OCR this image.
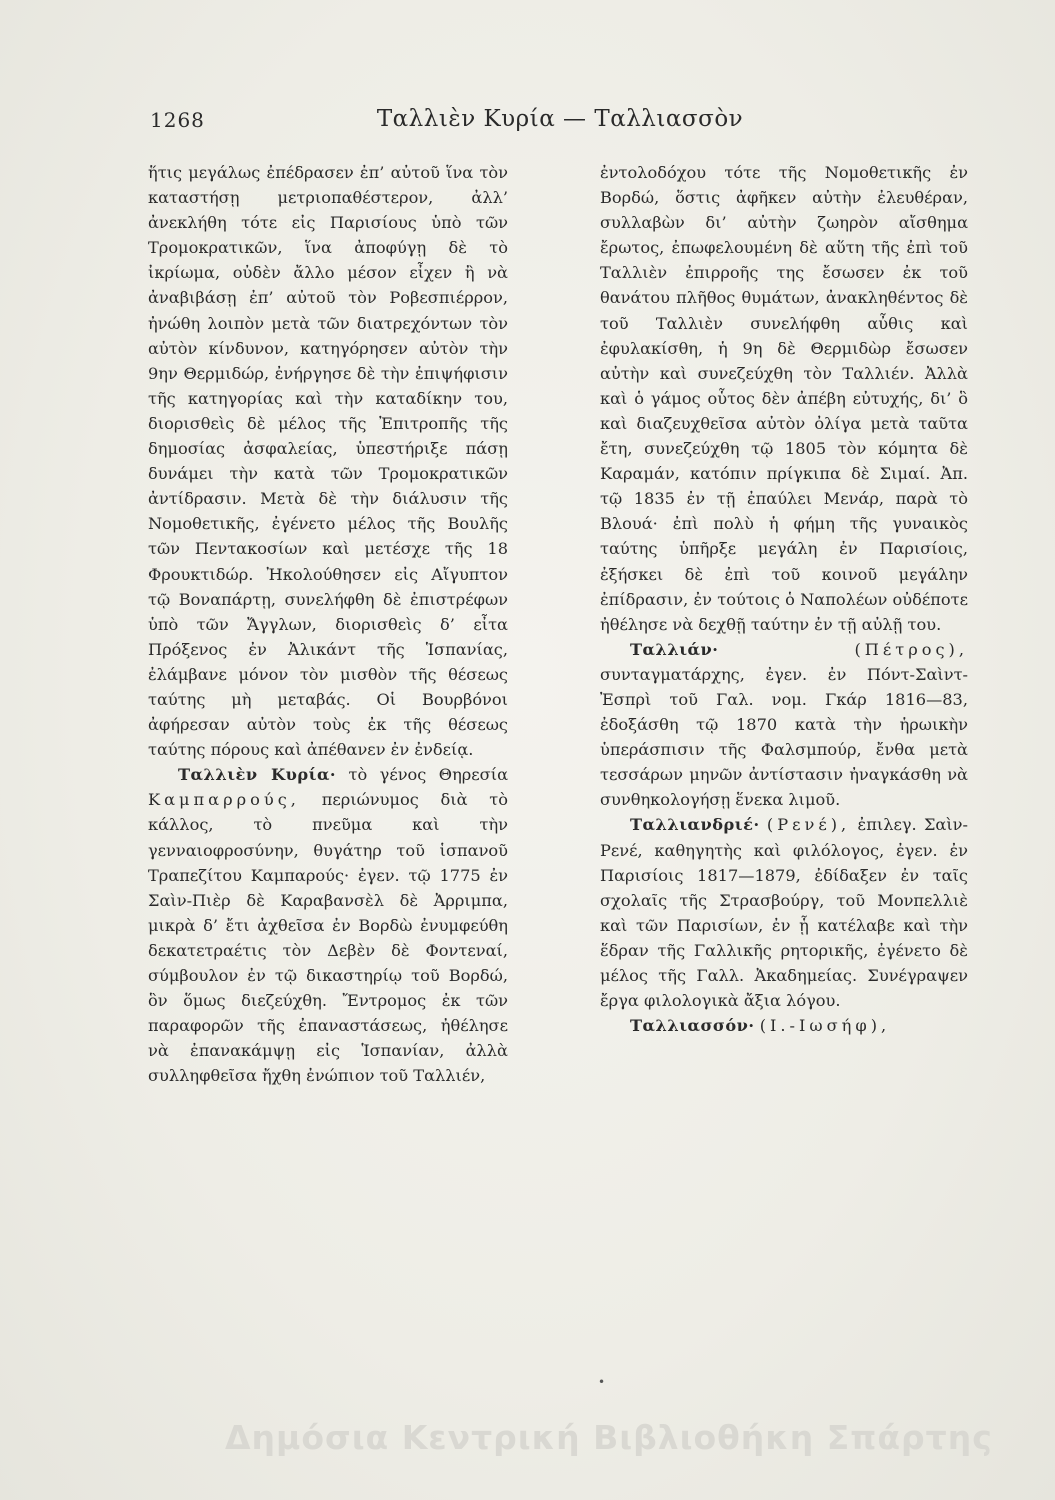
1268	Ταλλιὲν Κυρία — Ταλλιασσὸν

ἥτις μεγάλως ἐπέδρασεν ἐπ’ αὐτοῦ ἵνα τὸν καταστήσῃ μετριοπαθέστερον, ἀλλ’ ἀνεκλήθη τότε εἰς Παρισίους ὑπὸ τῶν Τρομοκρατικῶν, ἵνα ἀποφύγῃ δὲ τὸ ἰκρίωμα, οὐδὲν ἄλλο μέσον εἶχεν ἢ νὰ ἀναβιβάσῃ ἐπ’ αὐτοῦ τὸν Ροβεσπιέρρον, ἠνώθη λοιπὸν μετὰ τῶν διατρεχόντων τὸν αὐτὸν κίνδυνον, κατηγόρησεν αὐτὸν τὴν 9ην Θερμιδώρ, ἐνήργησε δὲ τὴν ἐπιψήφισιν τῆς κατηγορίας καὶ τὴν καταδίκην του, διορισθεὶς δὲ μέλος τῆς Ἐπιτροπῆς τῆς δημοσίας ἀσφαλείας, ὑπεστήριξε πάσῃ δυνάμει τὴν κατὰ τῶν Τρομοκρατικῶν ἀντίδρασιν. Μετὰ δὲ τὴν διάλυσιν τῆς Νομοθετικῆς, ἐγένετο μέλος τῆς Βουλῆς τῶν Πεντακοσίων καὶ μετέσχε τῆς 18 Φρουκτιδώρ. Ἠκολούθησεν εἰς Αἴγυπτον τῷ Βοναπάρτῃ, συνελήφθη δὲ ἐπιστρέφων ὑπὸ τῶν Ἄγγλων, διορισθεὶς δ’ εἶτα Πρόξενος ἐν Ἀλικάντ τῆς Ἱσπανίας, ἐλάμβανε μόνον τὸν μισθὸν τῆς θέσεως ταύτης μὴ μεταβάς. Οἱ Βουρβόνοι ἀφήρεσαν αὐτὸν τοὺς ἐκ τῆς θέσεως ταύτης πόρους καὶ ἀπέθανεν ἐν ἐνδείᾳ.

Ταλλιὲν Κυρία· τὸ γένος Θηρεσία Καμπαρρούς, περιώνυμος διὰ τὸ κάλλος, τὸ πνεῦμα καὶ τὴν γενναιοφροσύνην, θυγάτηρ τοῦ ἱσπανοῦ Τραπεζίτου Καμπαρούς· ἐγεν. τῷ 1775 ἐν Σαὶν-Πιὲρ δὲ Καραβανσὲλ δὲ Ἀρριμπα, μικρὰ δ’ ἔτι ἀχθεῖσα ἐν Βορδὼ ἐνυμφεύθη δεκατετραέτις τὸν Δεβὲν δὲ Φοντεναί, σύμβουλον ἐν τῷ δικαστηρίῳ τοῦ Βορδώ, ὃν ὅμως διεζεύχθη. Ἔντρομος ἐκ τῶν παραφορῶν τῆς ἐπαναστάσεως, ἠθέλησε νὰ ἐπανακάμψῃ εἰς Ἱσπανίαν, ἀλλὰ συλληφθεῖσα ἤχθη ἐνώπιον τοῦ Ταλλιέν,

ἐντολοδόχου τότε τῆς Νομοθετικῆς ἐν Βορδώ, ὅστις ἀφῆκεν αὐτὴν ἐλευθέραν, συλλαβὼν δι’ αὐτὴν ζωηρὸν αἴσθημα ἔρωτος, ἐπωφελουμένη δὲ αὕτη τῆς ἐπὶ τοῦ Ταλλιὲν ἐπιρροῆς της ἔσωσεν ἐκ τοῦ θανάτου πλῆθος θυμάτων, ἀνακληθέντος δὲ τοῦ Ταλλιὲν συνελήφθη αὖθις καὶ ἐφυλακίσθη, ἡ 9η δὲ Θερμιδὼρ ἔσωσεν αὐτὴν καὶ συνεζεύχθη τὸν Ταλλιέν. Ἀλλὰ καὶ ὁ γάμος οὗτος δὲν ἀπέβη εὐτυχής, δι’ ὃ καὶ διαζευχθεῖσα αὐτὸν ὀλίγα μετὰ ταῦτα ἔτη, συνεζεύχθη τῷ 1805 τὸν κόμητα δὲ Καραμάν, κατόπιν πρίγκιπα δὲ Σιμαί. Ἀπ. τῷ 1835 ἐν τῇ ἐπαύλει Μενάρ, παρὰ τὸ Βλουά· ἐπὶ πολὺ ἡ φήμη τῆς γυναικὸς ταύτης ὑπῆρξε μεγάλη ἐν Παρισίοις, ἐξήσκει δὲ ἐπὶ τοῦ κοινοῦ μεγάλην ἐπίδρασιν, ἐν τούτοις ὁ Ναπολέων οὐδέποτε ἠθέλησε νὰ δεχθῇ ταύτην ἐν τῇ αὐλῇ του.

Ταλλιάν·	(Πέτρος), συνταγματάρχης, ἐγεν. ἐν Πόντ-Σαὶντ-Ἐσπρὶ τοῦ Γαλ. νομ. Γκάρ 1816—83, ἐδοξάσθη τῷ 1870 κατὰ τὴν ἡρωικὴν ὑπεράσπισιν τῆς Φαλσμπούρ, ἔνθα μετὰ τεσσάρων μηνῶν ἀντίστασιν ἠναγκάσθη νὰ συνθηκολογήσῃ ἕνεκα λιμοῦ.

Ταλλιανδριέ· (Ρενέ), ἐπιλεγ. Σαὶν-Ρενέ, καθηγητὴς καὶ φιλόλογος, ἐγεν. ἐν Παρισίοις 1817—1879, ἐδίδαξεν ἐν ταῖς σχολαῖς τῆς Στρασβούργ, τοῦ Μονπελλιὲ καὶ τῶν Παρισίων, ἐν ᾗ κατέλαβε καὶ τὴν ἕδραν τῆς Γαλλικῆς ρητορικῆς, ἐγένετο δὲ μέλος τῆς Γαλλ. Ἀκαδημείας. Συνέγραψεν ἔργα φιλολογικὰ ἄξια λόγου.

Ταλλιασσόν· (Ι.-Ιωσήφ),

•
Δημόσια Κεντρική Βιβλιοθήκη Σπάρτης
